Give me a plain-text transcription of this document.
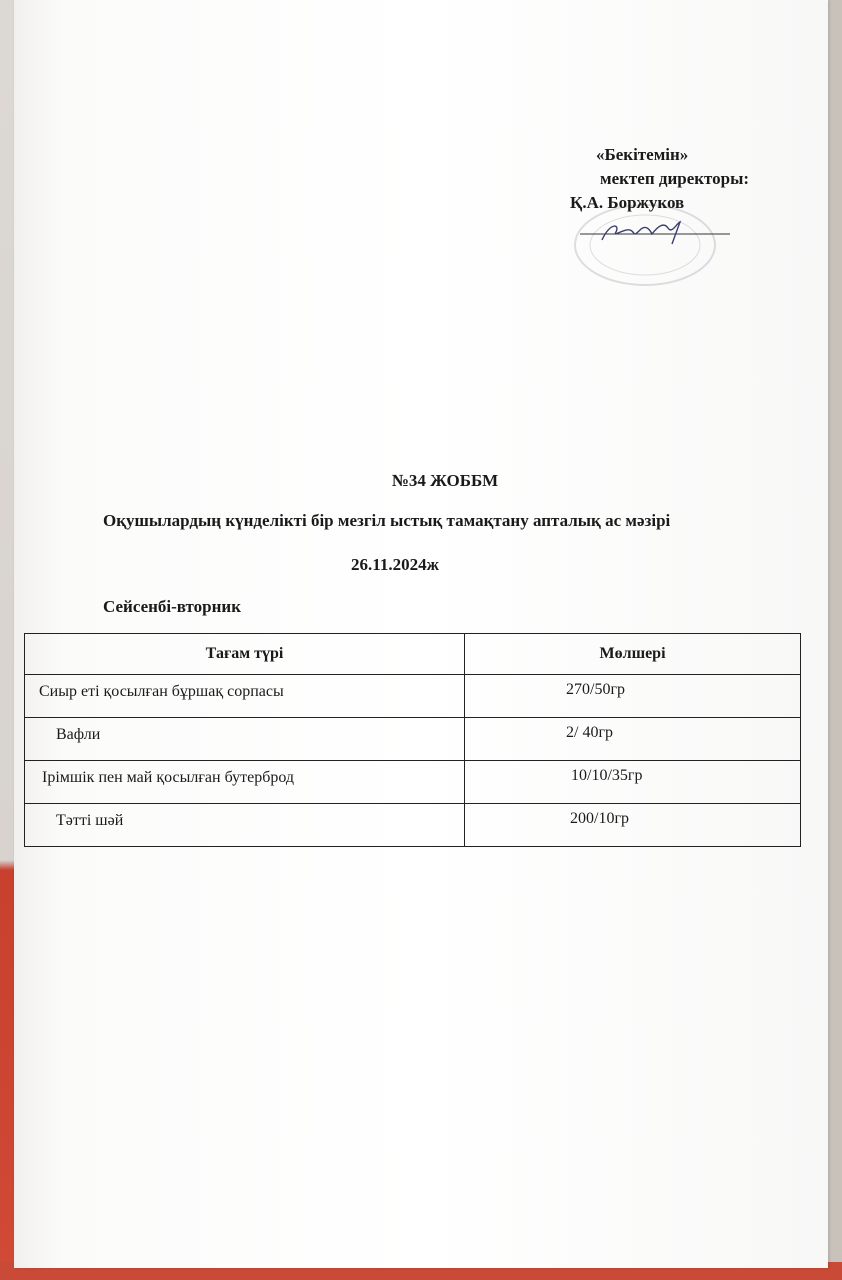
«Бекітемін»
мектеп директоры:
Қ.А. Боржуков
№34 ЖОББМ
Оқушылардың күнделікті бір мезгіл ыстық тамақтану апталық ас мәзірі
26.11.2024ж
Сейсенбі-вторник
Тағам түрі	Мөлшері
Сиыр еті қосылған бұршақ сорпасы	270/50гр
Вафли	2/ 40гр
Ірімшік пен май қосылған бутерброд	10/10/35гр
Тәтті шәй	200/10гр
